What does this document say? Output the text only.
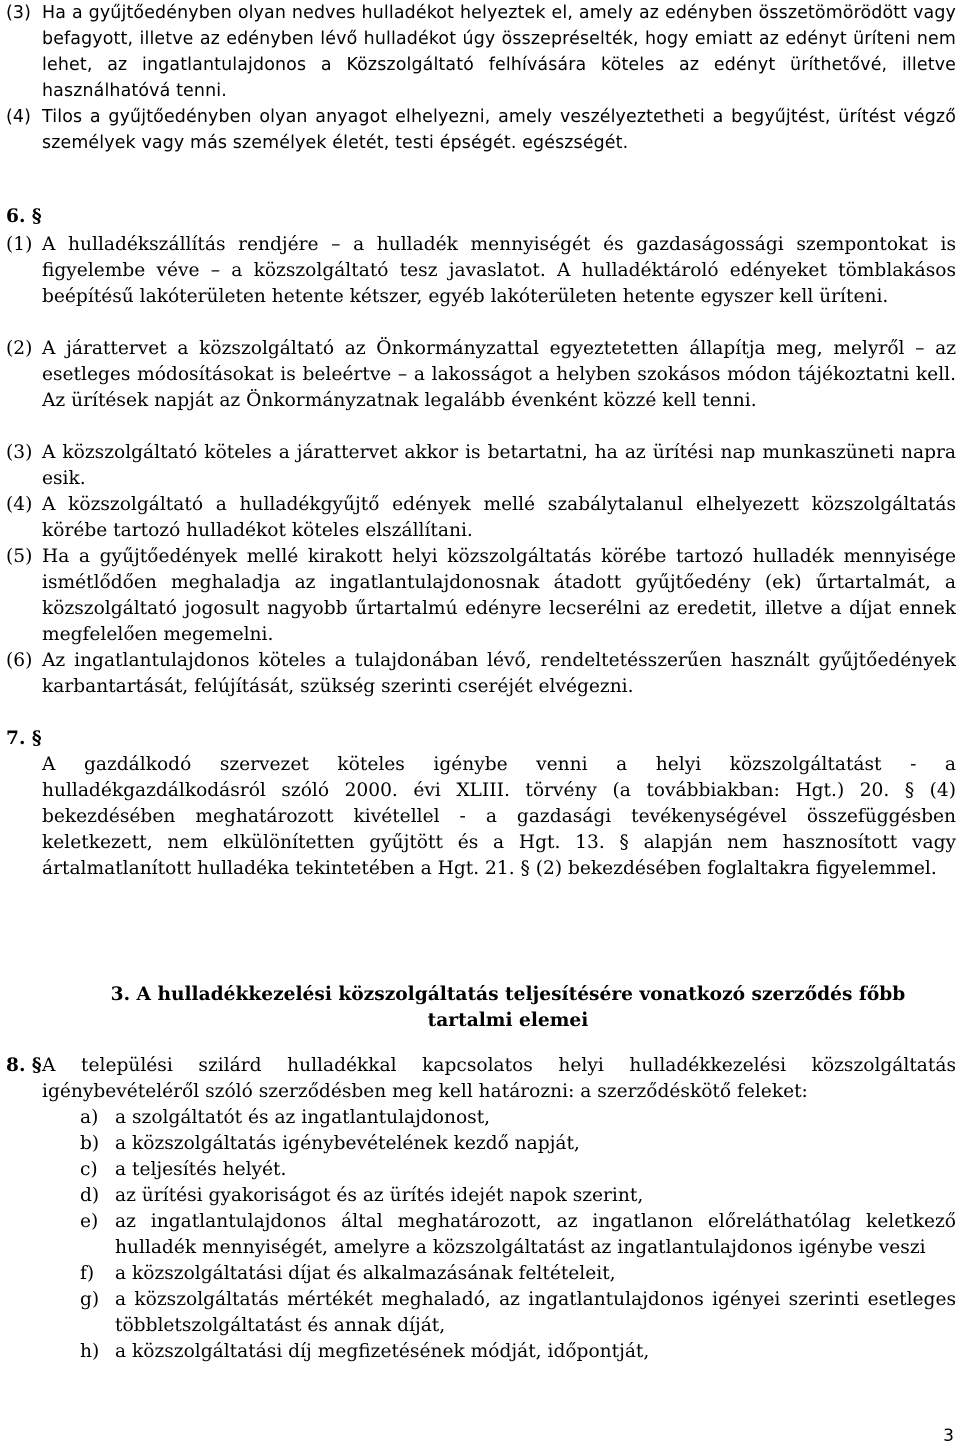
(3) Ha a gyűjtőedényben olyan nedves hulladékot helyeztek el, amely az edényben összetömörödött vagy befagyott, illetve az edényben lévő hulladékot úgy összepréselték, hogy emiatt az edényt üríteni nem lehet, az ingatlantulajdonos a Közszolgáltató felhívására köteles az edényt üríthetővé, illetve használhatóvá tenni.
(4) Tilos a gyűjtőedényben olyan anyagot elhelyezni, amely veszélyeztetheti a begyűjtést, ürítést végző személyek vagy más személyek életét, testi épségét. egészségét.
6. §
(1) A hulladékszállítás rendjére – a hulladék mennyiségét és gazdaságossági szempontokat is figyelembe véve – a közszolgáltató tesz javaslatot. A hulladéktároló edényeket tömblakásos beépítésű lakóterületen hetente kétszer, egyéb lakóterületen hetente egyszer kell üríteni.
(2) A járattervet a közszolgáltató az Önkormányzattal egyeztetetten állapítja meg, melyről – az esetleges módosításokat is beleértve – a lakosságot a helyben szokásos módon tájékoztatni kell. Az ürítések napját az Önkormányzatnak legalább évenként közzé kell tenni.
(3) A közszolgáltató köteles a járattervet akkor is betartatni, ha az ürítési nap munkaszüneti napra esik.
(4) A közszolgáltató a hulladékgyűjtő edények mellé szabálytalanul elhelyezett közszolgáltatás körébe tartozó hulladékot köteles elszállítani.
(5) Ha a gyűjtőedények mellé kirakott helyi közszolgáltatás körébe tartozó hulladék mennyisége ismétlődően meghaladja az ingatlantulajdonosnak átadott gyűjtőedény (ek) űrtartalmát, a közszolgáltató jogosult nagyobb űrtartalmú edényre lecserélni az eredetit, illetve a díjat ennek megfelelően megemelni.
(6) Az ingatlantulajdonos köteles a tulajdonában lévő, rendeltetésszerűen használt gyűjtőedények karbantartását, felújítását, szükség szerinti cseréjét elvégezni.
7. §
A gazdálkodó szervezet köteles igénybe venni a helyi közszolgáltatást - a hulladékgazdálkodásról szóló 2000. évi XLIII. törvény (a továbbiakban: Hgt.) 20. § (4) bekezdésében meghatározott kivétellel - a gazdasági tevékenységével összefüggésben keletkezett, nem elkülönítetten gyűjtött és a Hgt. 13. § alapján nem hasznosított vagy ártalmatlanított hulladéka tekintetében a Hgt. 21. § (2) bekezdésében foglaltakra figyelemmel.
3. A hulladékkezelési közszolgáltatás teljesítésére vonatkozó szerződés főbb
tartalmi elemei
8. § A települési szilárd hulladékkal kapcsolatos helyi hulladékkezelési közszolgáltatás igénybevételéről szóló szerződésben meg kell határozni: a szerződéskötő feleket:
a) a szolgáltatót és az ingatlantulajdonost,
b) a közszolgáltatás igénybevételének kezdő napját,
c) a teljesítés helyét.
d) az ürítési gyakoriságot és az ürítés idejét napok szerint,
e) az ingatlantulajdonos által meghatározott, az ingatlanon előreláthatólag keletkező hulladék mennyiségét, amelyre a közszolgáltatást az ingatlantulajdonos igénybe veszi
f) a közszolgáltatási díjat és alkalmazásának feltételeit,
g) a közszolgáltatás mértékét meghaladó, az ingatlantulajdonos igényei szerinti esetleges többletszolgáltatást és annak díját,
h) a közszolgáltatási díj megfizetésének módját, időpontját,
3
